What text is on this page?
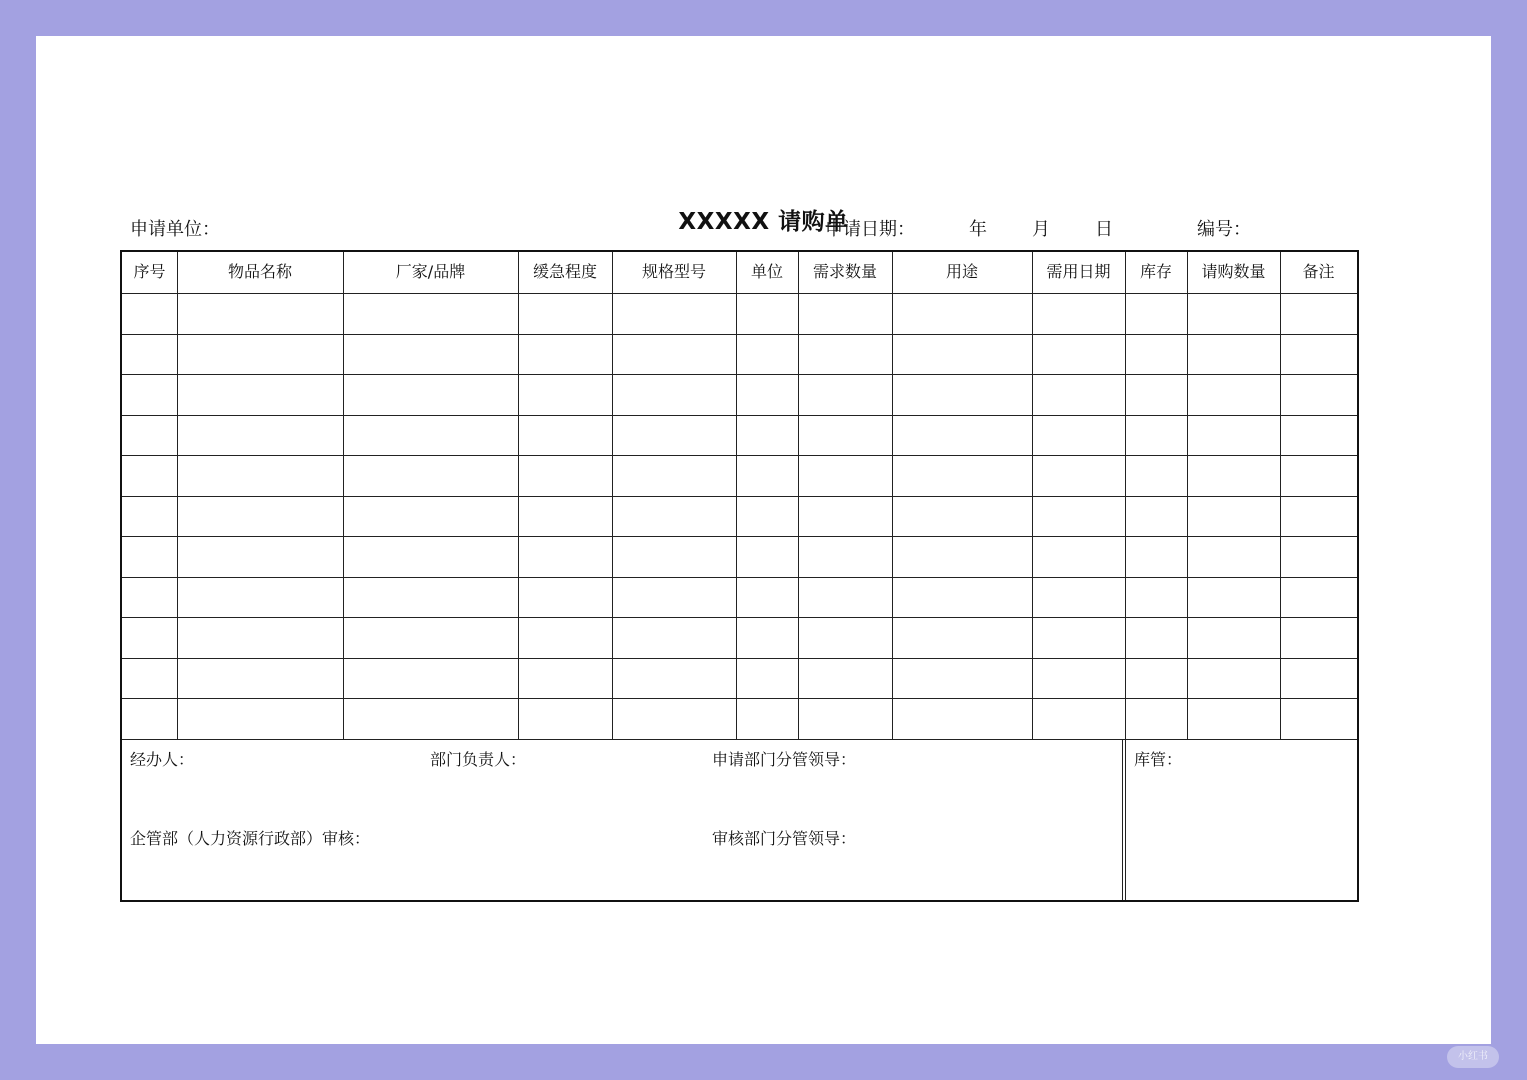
XXXXX 请购单
申请单位：	申请日期：	年	月	日	编号：
经办人：	部门负责人：	申请部门分管领导：	库管：
企管部（人力资源行政部）审核：	审核部门分管领导：
序号	物品名称	厂家/品牌	缓急程度	规格型号	单位	需求数量	用途	需用日期	库存	请购数量	备注
小红书
